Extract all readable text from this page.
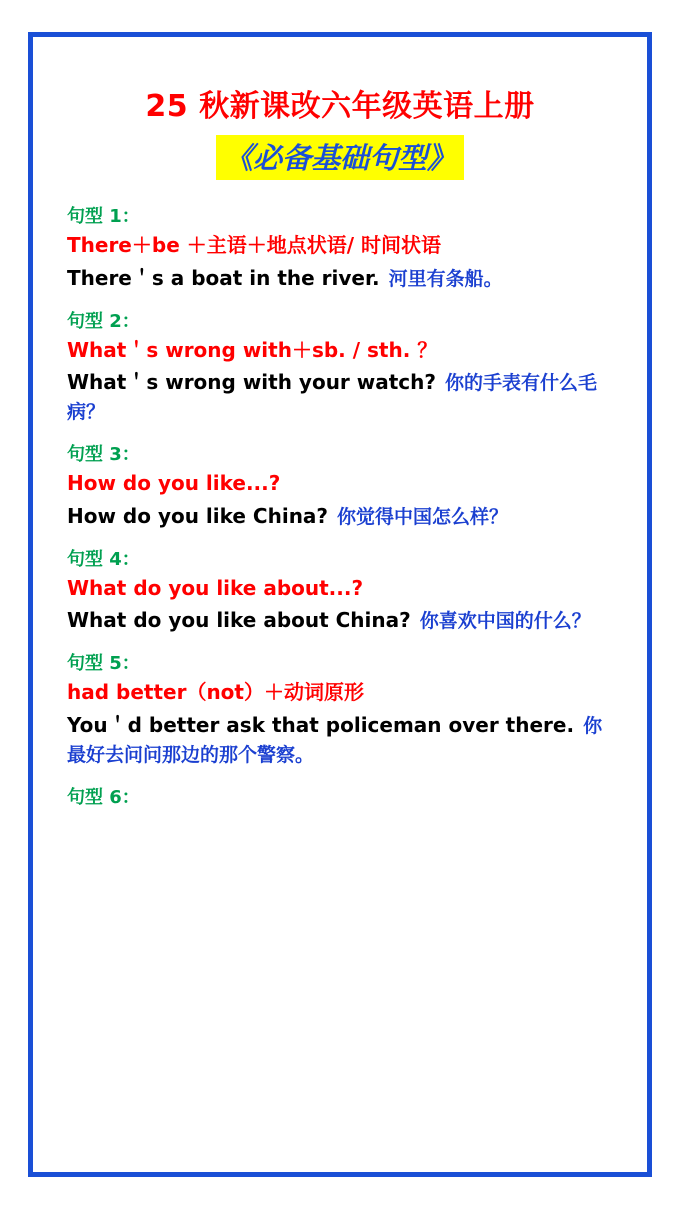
25 秋新课改六年级英语上册
《必备基础句型》
句型 1：
There＋be ＋主语＋地点状语/ 时间状语
There＇s a boat in the river. 河里有条船。
句型 2：
What＇s wrong with＋sb. / sth. ？
What＇s wrong with your watch? 你的手表有什么毛病？
句型 3：
How do you like...?
How do you like China? 你觉得中国怎么样？
句型 4：
What do you like about...?
What do you like about China? 你喜欢中国的什么？
句型 5：
had better（not）＋动词原形
You＇d better ask that policeman over there. 你最好去问问那边的那个警察。
句型 6：
